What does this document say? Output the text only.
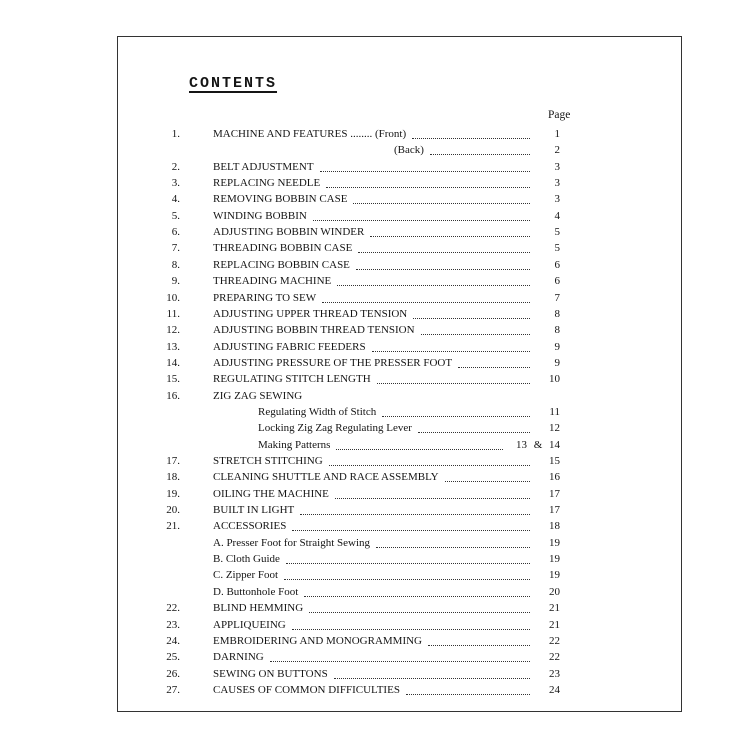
CONTENTS
Page
1.	MACHINE AND FEATURES ........ (Front)	1
(Back)	2
2.	BELT ADJUSTMENT	3
3.	REPLACING NEEDLE	3
4.	REMOVING BOBBIN CASE	3
5.	WINDING BOBBIN	4
6.	ADJUSTING BOBBIN WINDER	5
7.	THREADING BOBBIN CASE	5
8.	REPLACING BOBBIN CASE	6
9.	THREADING MACHINE	6
10.	PREPARING TO SEW	7
11.	ADJUSTING UPPER THREAD TENSION	8
12.	ADJUSTING BOBBIN THREAD TENSION	8
13.	ADJUSTING FABRIC FEEDERS	9
14.	ADJUSTING PRESSURE OF THE PRESSER FOOT	9
15.	REGULATING STITCH LENGTH	10
16.	ZIG ZAG SEWING
Regulating Width of Stitch	11
Locking Zig Zag Regulating Lever	12
Making Patterns	13 & 14
17.	STRETCH STITCHING	15
18.	CLEANING SHUTTLE AND RACE ASSEMBLY	16
19.	OILING THE MACHINE	17
20.	BUILT IN LIGHT	17
21.	ACCESSORIES	18
A. Presser Foot for Straight Sewing	19
B. Cloth Guide	19
C. Zipper Foot	19
D. Buttonhole Foot	20
22.	BLIND HEMMING	21
23.	APPLIQUEING	21
24.	EMBROIDERING AND MONOGRAMMING	22
25.	DARNING	22
26.	SEWING ON BUTTONS	23
27.	CAUSES OF COMMON DIFFICULTIES	24
